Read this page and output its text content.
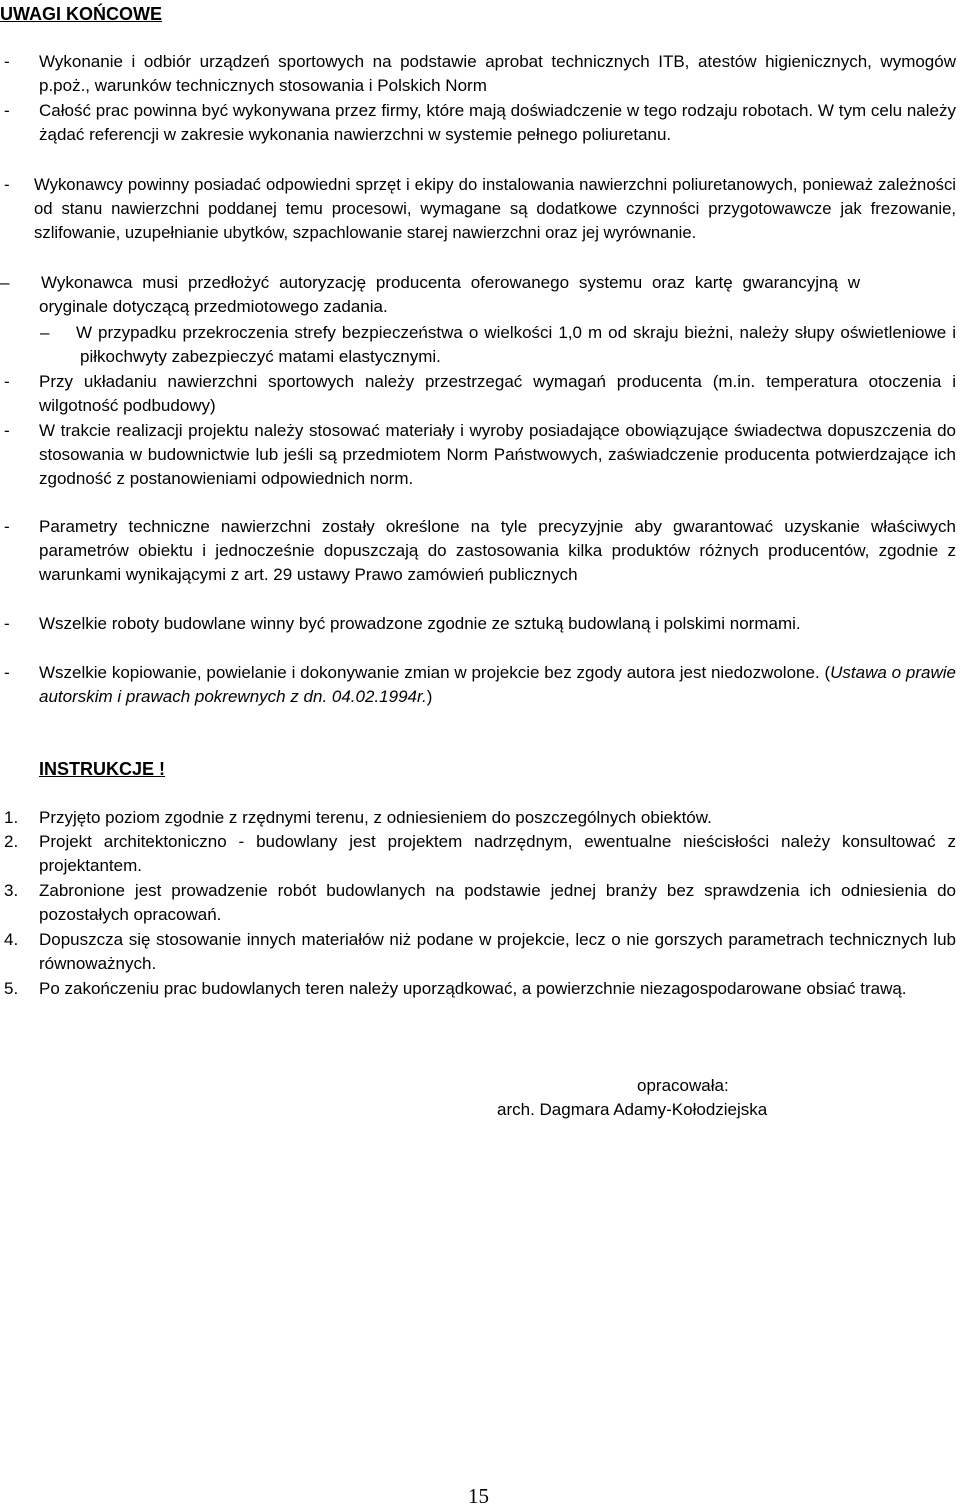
UWAGI KOŃCOWE
- Wykonanie i odbiór urządzeń sportowych na podstawie aprobat technicznych ITB, atestów higienicznych, wymogów p.poż., warunków technicznych stosowania i Polskich Norm
- Całość prac powinna być wykonywana przez firmy, które mają doświadczenie w tego rodzaju robotach. W tym celu należy żądać referencji w zakresie wykonania nawierzchni w systemie pełnego poliuretanu.
- Wykonawcy powinny posiadać odpowiedni sprzęt i ekipy do instalowania nawierzchni poliuretanowych, ponieważ zależności od stanu nawierzchni poddanej temu procesowi, wymagane są dodatkowe czynności przygotowawcze jak frezowanie, szlifowanie, uzupełnianie ubytków, szpachlowanie starej nawierzchni oraz jej wyrównanie.
– Wykonawca musi przedłożyć autoryzację producenta oferowanego systemu oraz kartę gwarancyjną w oryginale dotyczącą przedmiotowego zadania.
– W przypadku przekroczenia strefy bezpieczeństwa o wielkości 1,0 m od skraju bieżni, należy słupy oświetleniowe i piłkochwyty zabezpieczyć matami elastycznymi.
- Przy układaniu nawierzchni sportowych należy przestrzegać wymagań producenta (m.in. temperatura otoczenia i wilgotność podbudowy)
- W trakcie realizacji projektu należy stosować materiały i wyroby posiadające obowiązujące świadectwa dopuszczenia do stosowania w budownictwie lub jeśli są przedmiotem Norm Państwowych, zaświadczenie producenta potwierdzające ich zgodność z postanowieniami odpowiednich norm.
- Parametry techniczne nawierzchni zostały określone na tyle precyzyjnie aby gwarantować uzyskanie właściwych parametrów obiektu i jednocześnie dopuszczają do zastosowania kilka produktów różnych producentów, zgodnie z warunkami wynikającymi z art. 29 ustawy Prawo zamówień publicznych
- Wszelkie roboty budowlane winny być prowadzone zgodnie ze sztuką budowlaną i polskimi normami.
- Wszelkie kopiowanie, powielanie i dokonywanie zmian w projekcie bez zgody autora jest niedozwolone. (Ustawa o prawie autorskim i prawach pokrewnych z dn. 04.02.1994r.)
INSTRUKCJE !
1. Przyjęto poziom zgodnie z rzędnymi terenu, z odniesieniem do poszczególnych obiektów.
2. Projekt architektoniczno - budowlany jest projektem nadrzędnym, ewentualne nieścisłości należy konsultować z projektantem.
3. Zabronione jest prowadzenie robót budowlanych na podstawie jednej branży bez sprawdzenia ich odniesienia do pozostałych opracowań.
4. Dopuszcza się stosowanie innych materiałów niż podane w projekcie, lecz o nie gorszych parametrach technicznych lub równoważnych.
5. Po zakończeniu prac budowlanych teren należy uporządkować, a powierzchnie niezagospodarowane obsiać trawą.
opracowała:
arch. Dagmara Adamy-Kołodziejska
15
